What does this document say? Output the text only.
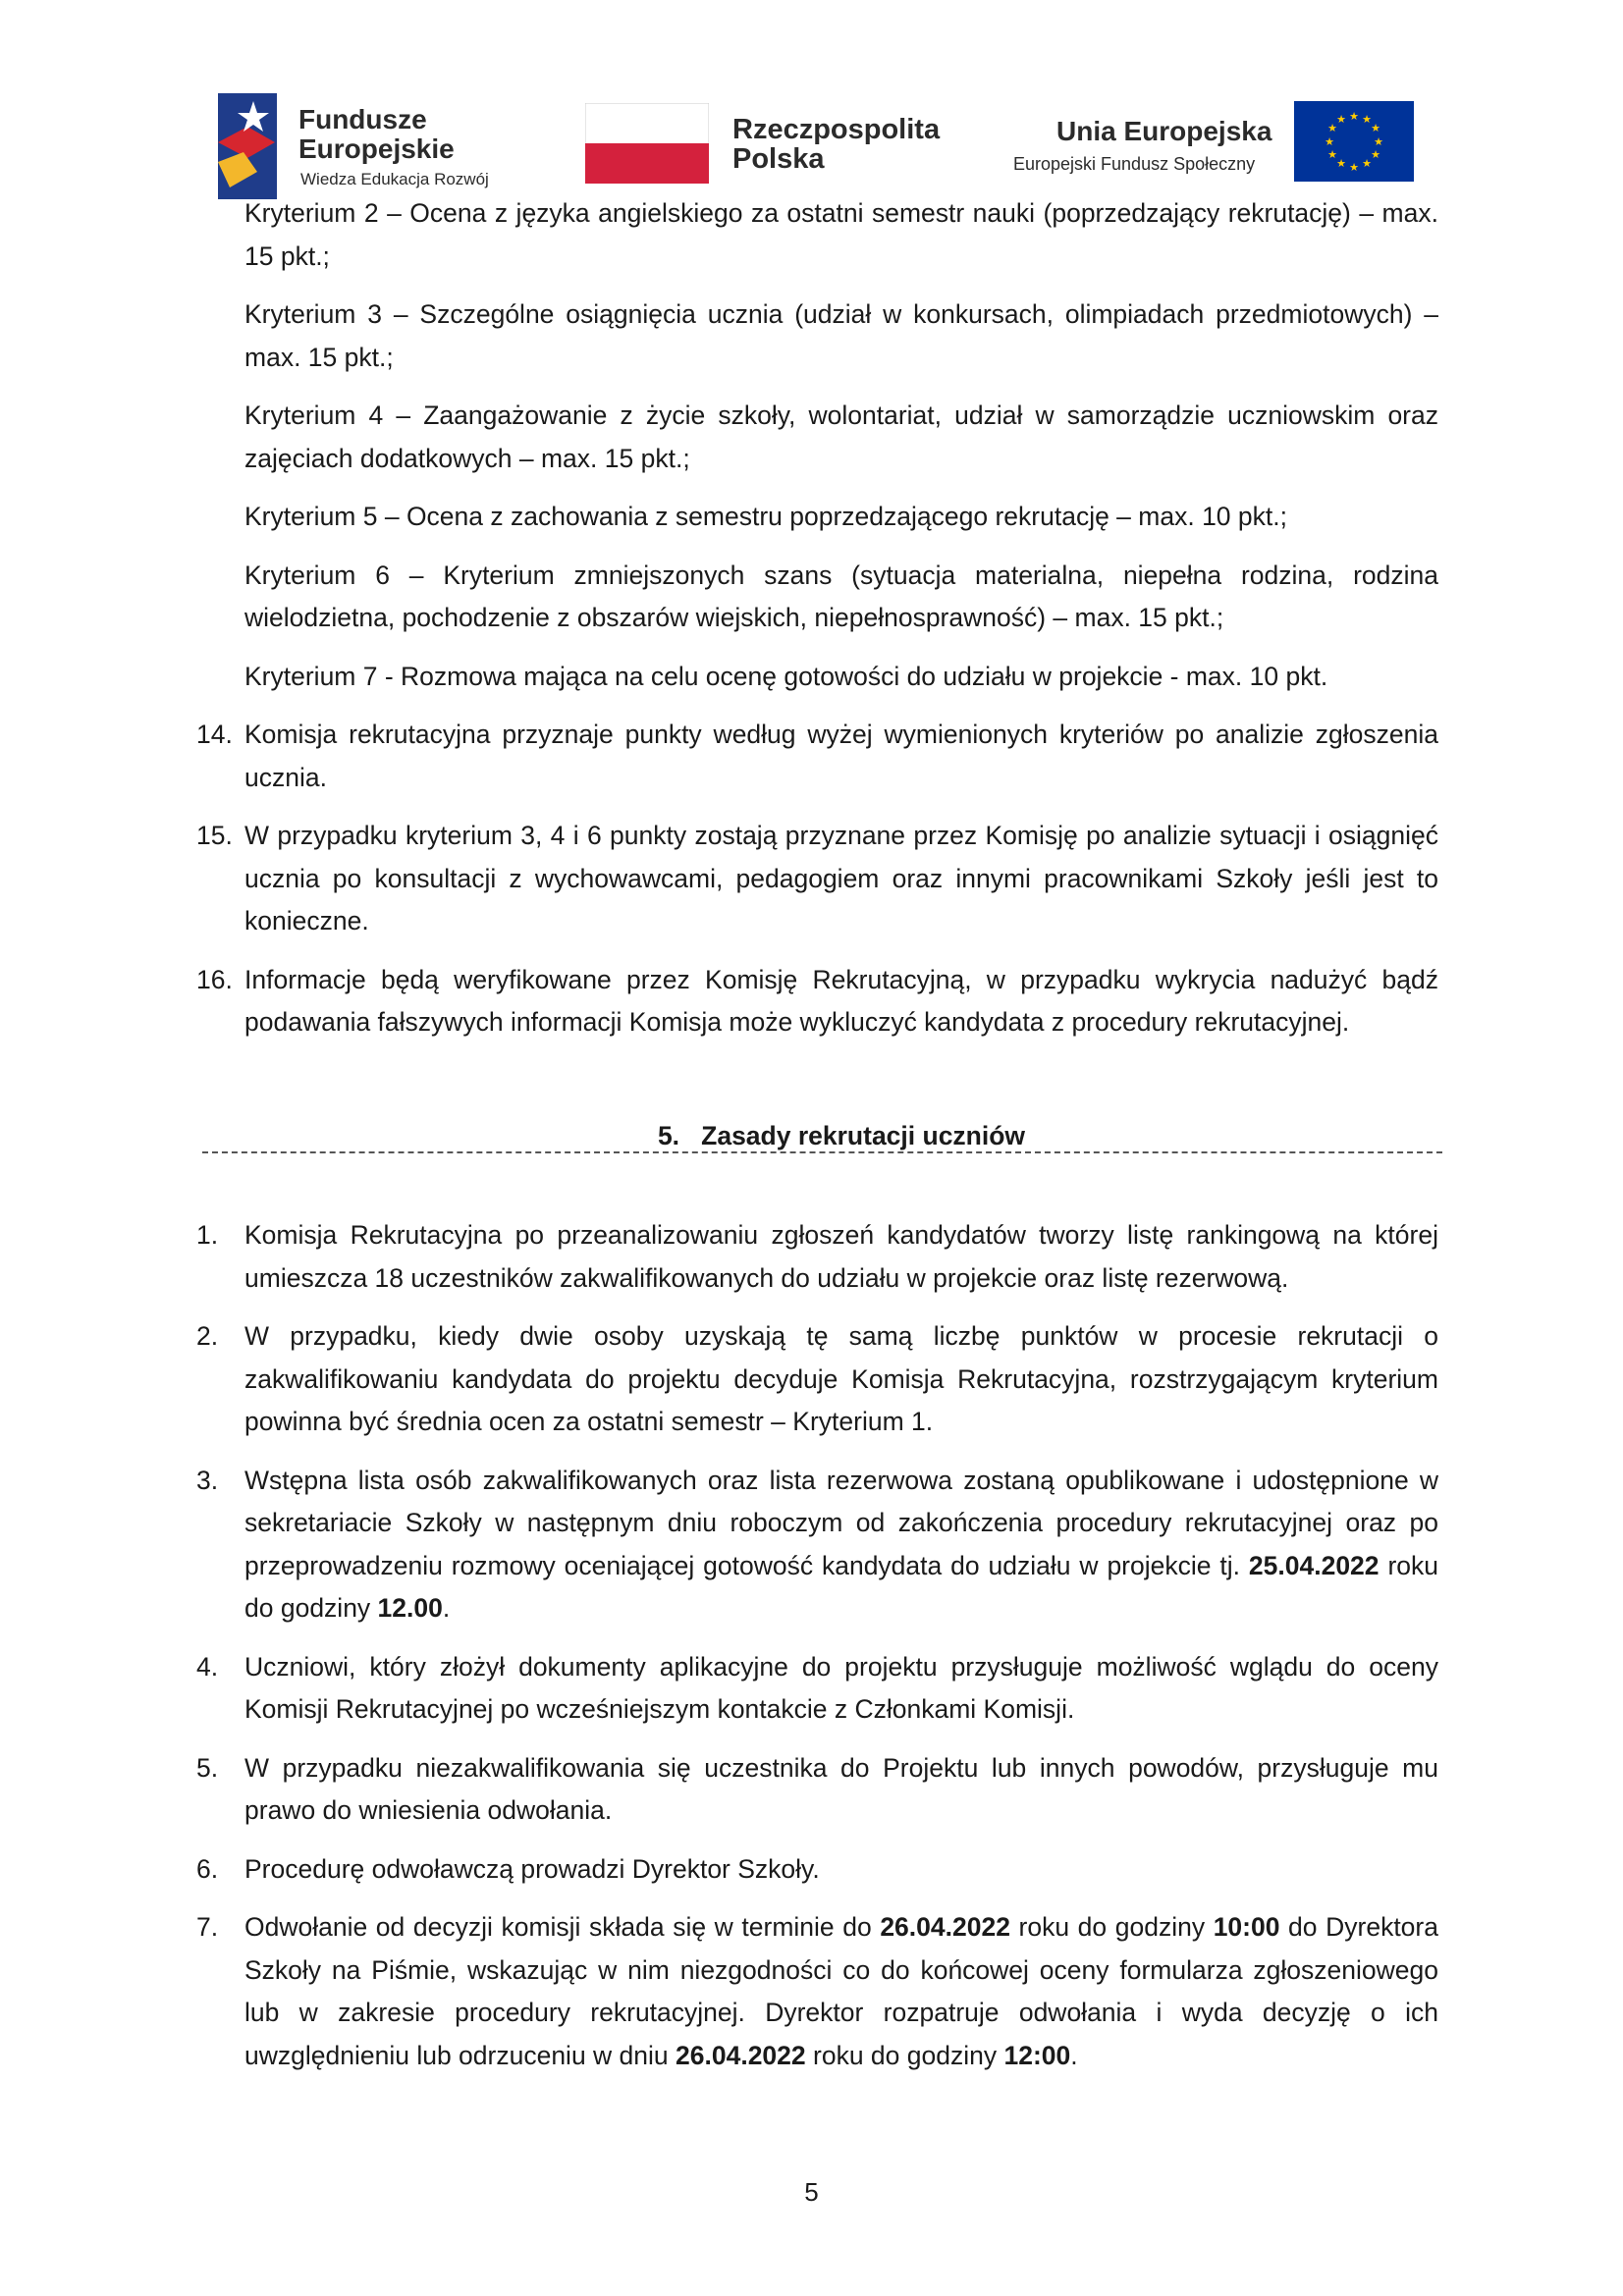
Fundusze
Europejskie
Wiedza Edukacja Rozwój
Rzeczpospolita
Polska
Unia Europejska
Europejski Fundusz Społeczny
★ ★
★
★
★
★
★
★
★
★
★
★

Kryterium 2 – Ocena z języka angielskiego za ostatni semestr nauki (poprzedzający rekrutację) – max. 15 pkt.;

Kryterium 3 – Szczególne osiągnięcia ucznia (udział w konkursach, olimpiadach przedmiotowych) – max. 15 pkt.;

Kryterium 4 – Zaangażowanie z życie szkoły, wolontariat, udział w samorządzie uczniowskim oraz zajęciach dodatkowych – max. 15 pkt.;

Kryterium 5 – Ocena z zachowania z semestru poprzedzającego rekrutację – max. 10 pkt.;

Kryterium 6 – Kryterium zmniejszonych szans (sytuacja materialna, niepełna rodzina, rodzina wielodzietna, pochodzenie z obszarów wiejskich, niepełnosprawność) – max. 15 pkt.;

Kryterium 7 - Rozmowa mająca na celu ocenę gotowości do udziału w projekcie - max. 10 pkt.

14. Komisja rekrutacyjna przyznaje punkty według wyżej wymienionych kryteriów po analizie zgłoszenia ucznia.
15. W przypadku kryterium 3, 4 i 6 punkty zostają przyznane przez Komisję po analizie sytuacji i osiągnięć ucznia po konsultacji z wychowawcami, pedagogiem oraz innymi pracownikami Szkoły jeśli jest to konieczne.
16. Informacje będą weryfikowane przez Komisję Rekrutacyjną, w przypadku wykrycia nadużyć bądź podawania fałszywych informacji Komisja może wykluczyć kandydata z procedury rekrutacyjnej.

5. Zasady rekrutacji uczniów

1. Komisja Rekrutacyjna po przeanalizowaniu zgłoszeń kandydatów tworzy listę rankingową na której umieszcza 18 uczestników zakwalifikowanych do udziału w projekcie oraz listę rezerwową.
2. W przypadku, kiedy dwie osoby uzyskają tę samą liczbę punktów w procesie rekrutacji o zakwalifikowaniu kandydata do projektu decyduje Komisja Rekrutacyjna, rozstrzygającym kryterium powinna być średnia ocen za ostatni semestr – Kryterium 1.
3. Wstępna lista osób zakwalifikowanych oraz lista rezerwowa zostaną opublikowane i udostępnione w sekretariacie Szkoły w następnym dniu roboczym od zakończenia procedury rekrutacyjnej oraz po przeprowadzeniu rozmowy oceniającej gotowość kandydata do udziału w projekcie tj. 25.04.2022 roku do godziny 12.00.
4. Uczniowi, który złożył dokumenty aplikacyjne do projektu przysługuje możliwość wglądu do oceny Komisji Rekrutacyjnej po wcześniejszym kontakcie z Członkami Komisji.
5. W przypadku niezakwalifikowania się uczestnika do Projektu lub innych powodów, przysługuje mu prawo do wniesienia odwołania.
6. Procedurę odwoławczą prowadzi Dyrektor Szkoły.
7. Odwołanie od decyzji komisji składa się w terminie do 26.04.2022 roku do godziny 10:00 do Dyrektora Szkoły na Piśmie, wskazując w nim niezgodności co do końcowej oceny formularza zgłoszeniowego lub w zakresie procedury rekrutacyjnej. Dyrektor rozpatruje odwołania i wyda decyzję o ich uwzględnieniu lub odrzuceniu w dniu 26.04.2022 roku do godziny 12:00.
5
